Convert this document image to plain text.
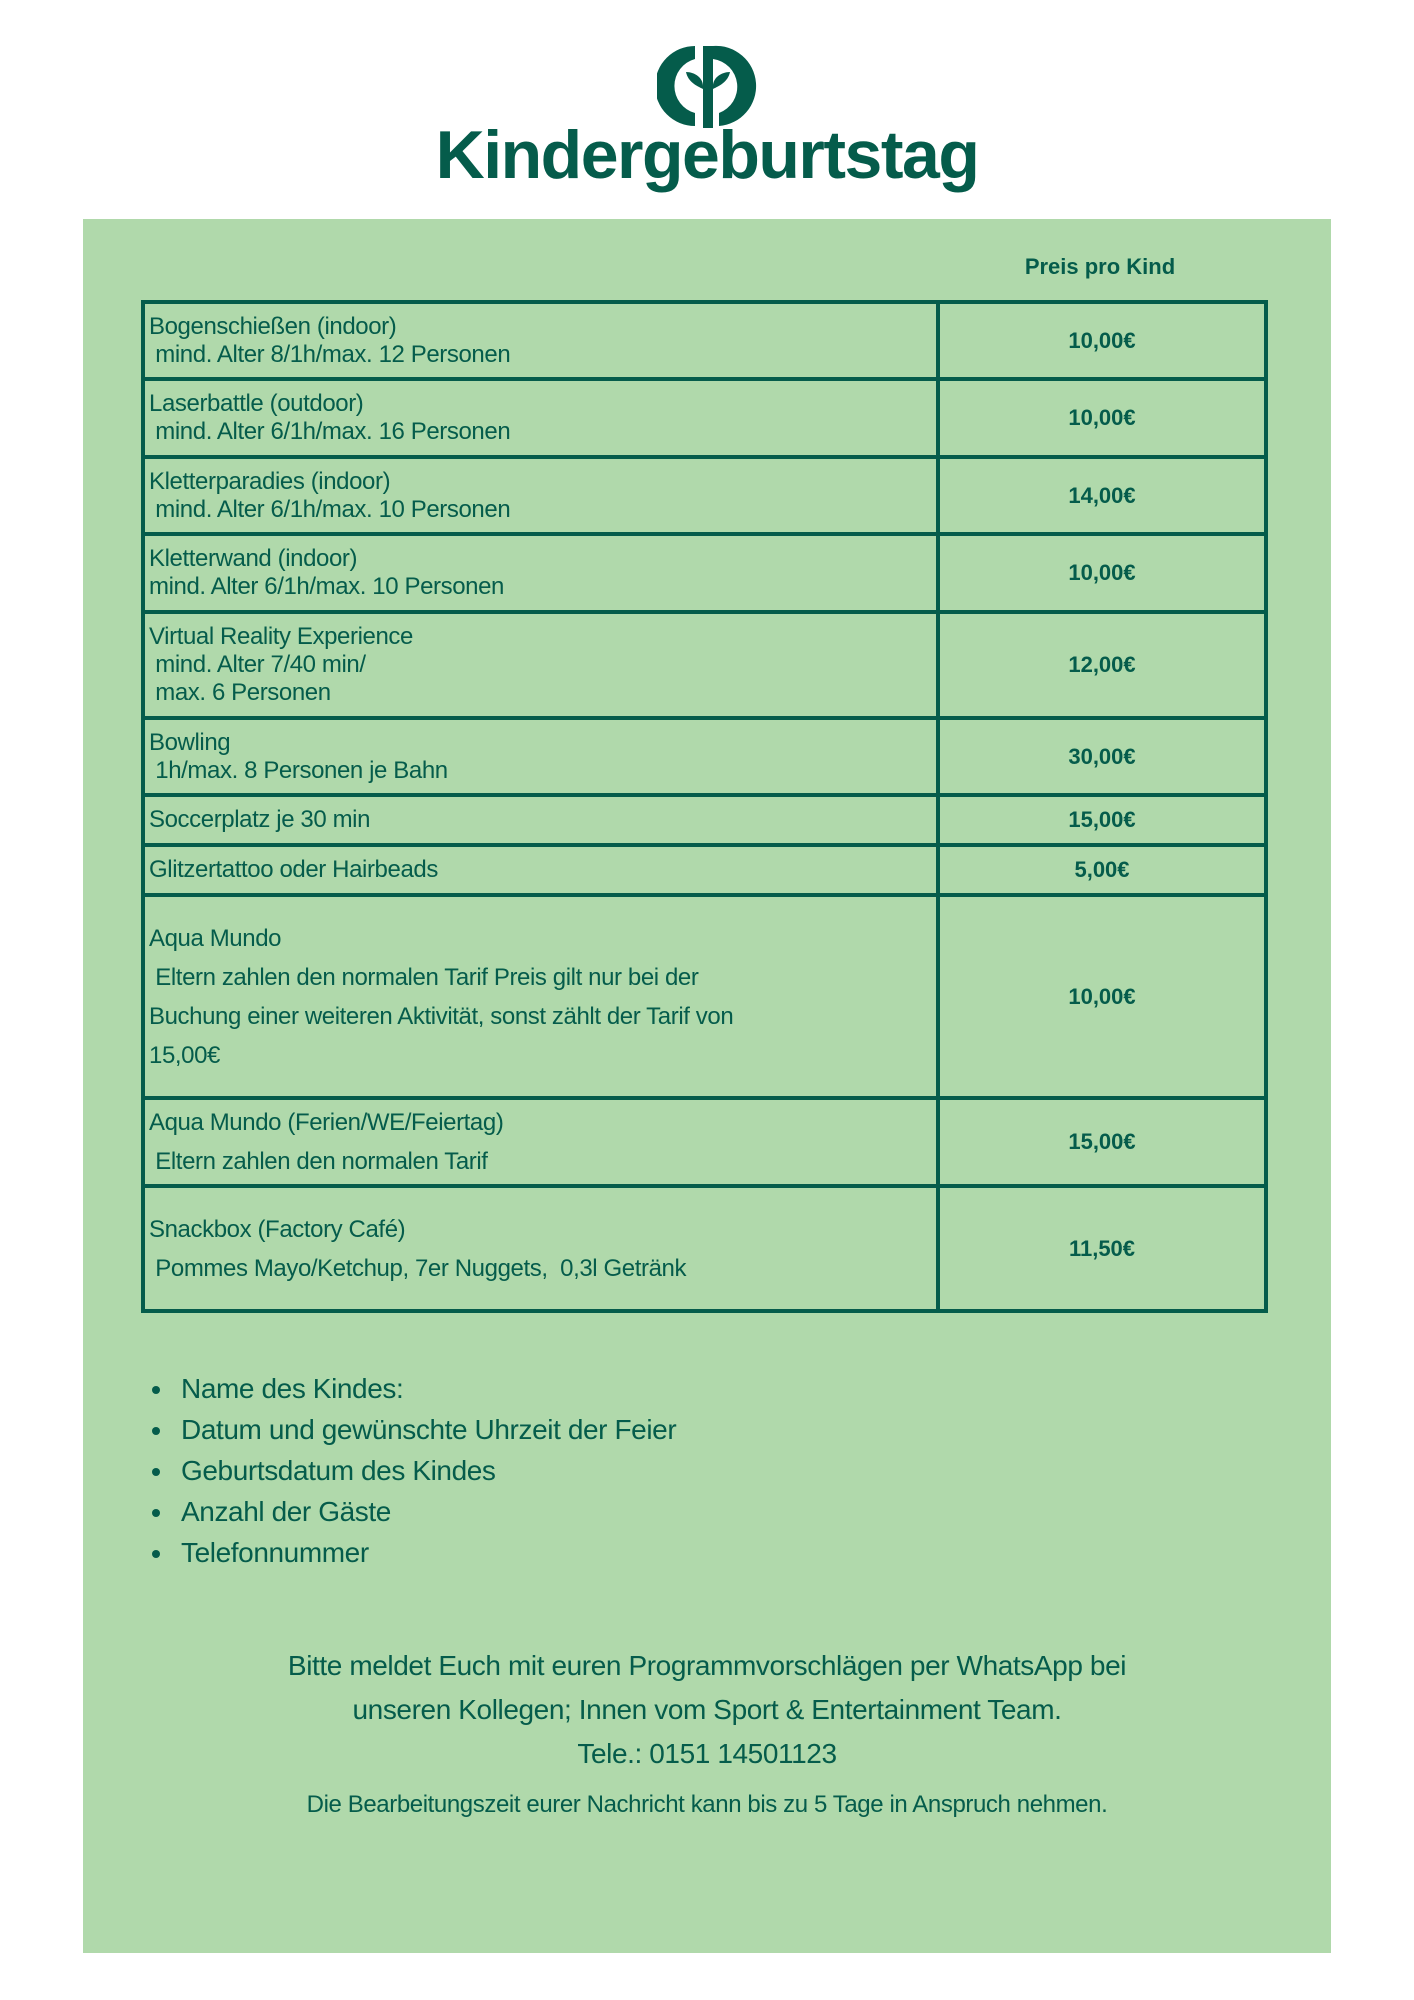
Kindergeburtstag
Preis pro Kind
Bogenschießen (indoor)
mind. Alter 8/1h/max. 12 Personen	10,00€

Laserbattle (outdoor)
mind. Alter 6/1h/max. 16 Personen	10,00€

Kletterparadies (indoor)
mind. Alter 6/1h/max. 10 Personen	14,00€

Kletterwand (indoor)
mind. Alter 6/1h/max. 10 Personen	10,00€

Virtual Reality Experience
mind. Alter 7/40 min/
max. 6 Personen	12,00€

Bowling
1h/max. 8 Personen je Bahn	30,00€

Soccerplatz je 30 min	15,00€

Glitzertattoo oder Hairbeads	5,00€

Aqua Mundo
Eltern zahlen den normalen Tarif Preis gilt nur bei der
Buchung einer weiteren Aktivität, sonst zählt der Tarif von
15,00€	10,00€

Aqua Mundo (Ferien/WE/Feiertag)
Eltern zahlen den normalen Tarif	15,00€

Snackbox (Factory Café)
Pommes Mayo/Ketchup, 7er Nuggets,  0,3l Getränk	11,50€
• Name des Kindes:
• Datum und gewünschte Uhrzeit der Feier
• Geburtsdatum des Kindes
• Anzahl der Gäste
• Telefonnummer
Bitte meldet Euch mit euren Programmvorschlägen per WhatsApp bei
unseren Kollegen; Innen vom Sport & Entertainment Team.
Tele.: 0151 14501123
Die Bearbeitungszeit eurer Nachricht kann bis zu 5 Tage in Anspruch nehmen.
